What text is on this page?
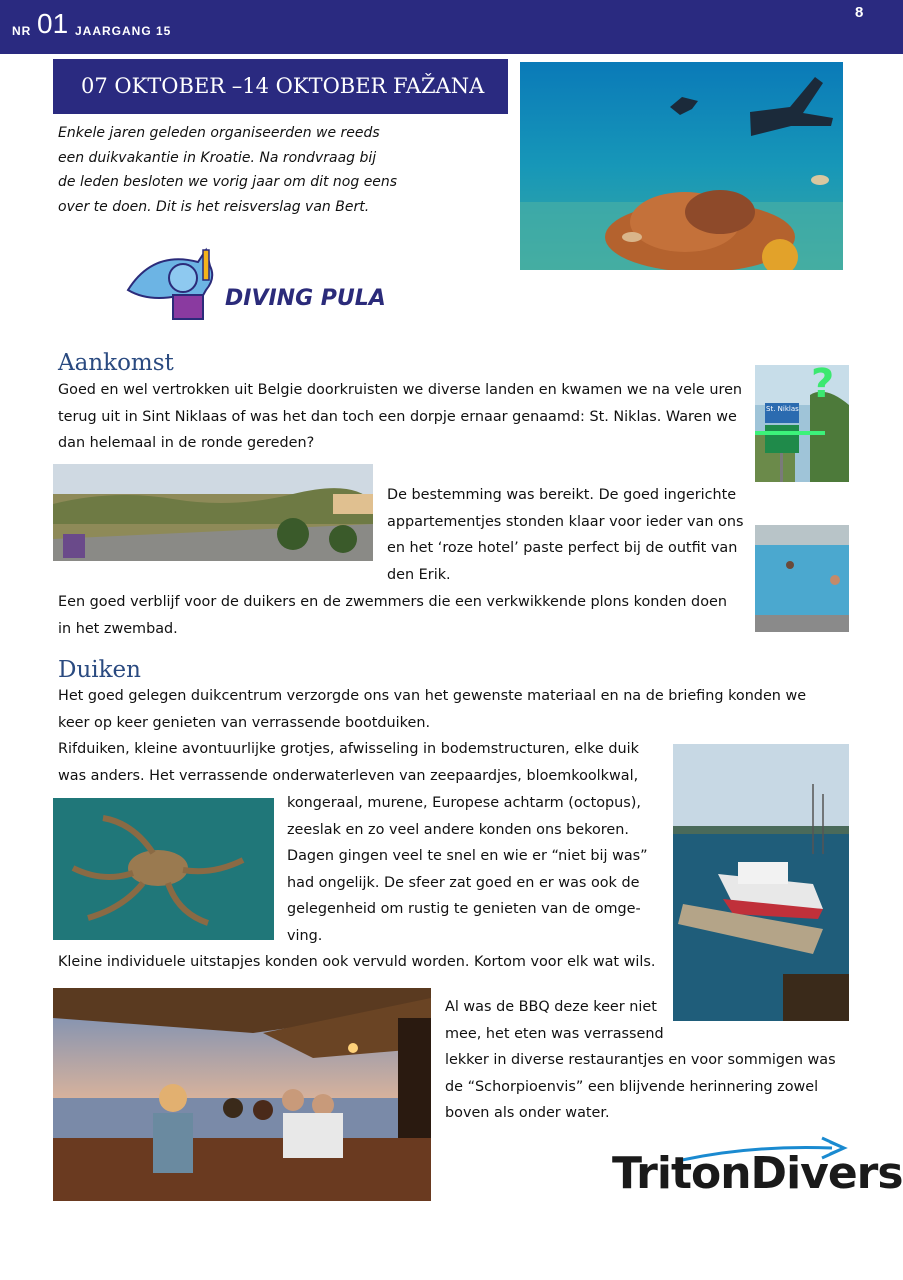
NR 01 JAARGANG 15
8
07 OKTOBER –14 OKTOBER FAŽANA
Enkele jaren geleden organiseerden we reeds
een duikvakantie in Kroatie. Na rondvraag bij
de leden besloten we vorig jaar om dit nog eens
over te doen. Dit is het reisverslag van Bert.
DIVING PULA
Aankomst
Goed en wel vertrokken uit Belgie doorkruisten we diverse landen en kwamen we na vele uren
terug uit in Sint Niklaas of was het dan toch een dorpje ernaar genaamd: St. Niklas. Waren we
dan helemaal in de ronde gereden?
?
St. Niklas
De bestemming was bereikt. De goed ingerichte
appartementjes stonden klaar voor ieder van ons
en het ‘roze hotel’ paste perfect bij de outfit van
den Erik.
Een goed verblijf voor de duikers en de zwemmers die een verkwikkende plons konden doen
in het zwembad.
Duiken
Het goed gelegen duikcentrum verzorgde ons van het gewenste materiaal en na de briefing konden we
keer op keer genieten van verrassende bootduiken.
Rifduiken, kleine avontuurlijke grotjes, afwisseling in bodemstructuren, elke duik
was anders. Het verrassende onderwaterleven van zeepaardjes, bloemkoolkwal,
kongeraal, murene, Europese achtarm (octopus),
zeeslak en zo veel andere konden ons bekoren.
Dagen gingen veel te snel en wie er “niet bij was”
had ongelijk. De sfeer zat goed en er was ook de
gelegenheid om rustig te genieten van de omge-
ving.
Kleine individuele uitstapjes konden ook vervuld worden. Kortom voor elk wat wils.
Al was de BBQ deze keer niet
mee, het eten was verrassend
lekker in diverse restaurantjes en voor sommigen was
de “Schorpioenvis” een blijvende herinnering zowel
boven als onder water.
TritonDivers
